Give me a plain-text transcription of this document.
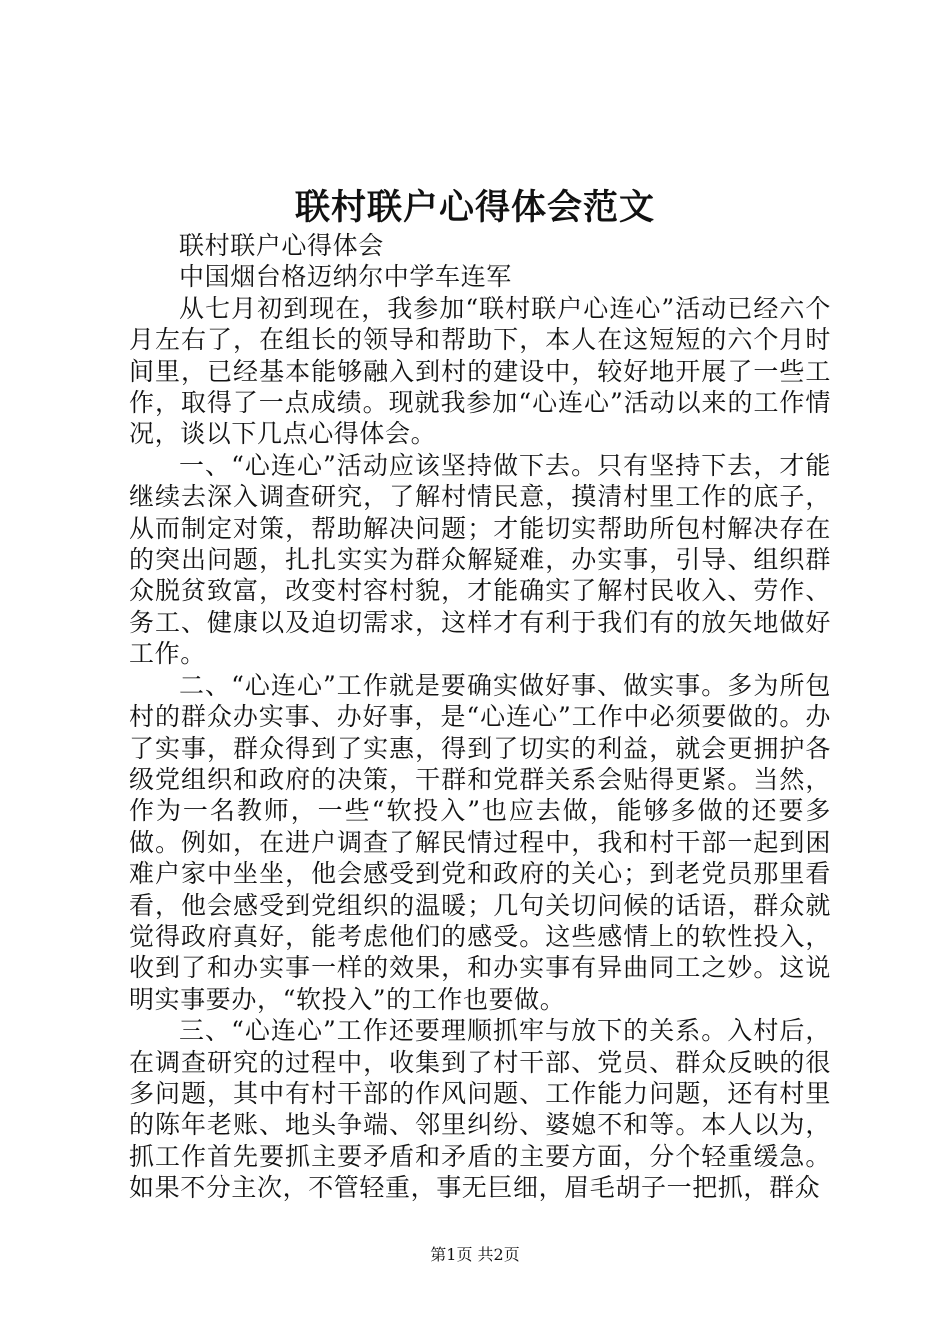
联村联户心得体会范文

联村联户心得体会

中国烟台格迈纳尔中学车连军

从七月初到现在，我参加“联村联户心连心”活动已经六个月左右了，在组长的领导和帮助下，本人在这短短的六个月时间里，已经基本能够融入到村的建设中，较好地开展了一些工作，取得了一点成绩。现就我参加“心连心”活动以来的工作情况，谈以下几点心得体会。

一、“心连心”活动应该坚持做下去。只有坚持下去，才能继续去深入调查研究，了解村情民意，摸清村里工作的底子，从而制定对策，帮助解决问题；才能切实帮助所包村解决存在的突出问题，扎扎实实为群众解疑难，办实事，引导、组织群众脱贫致富，改变村容村貌，才能确实了解村民收入、劳作、务工、健康以及迫切需求，这样才有利于我们有的放矢地做好工作。

二、“心连心”工作就是要确实做好事、做实事。多为所包村的群众办实事、办好事，是“心连心”工作中必须要做的。办了实事，群众得到了实惠，得到了切实的利益，就会更拥护各级党组织和政府的决策，干群和党群关系会贴得更紧。当然，作为一名教师，一些“软投入”也应去做，能够多做的还要多做。例如，在进户调查了解民情过程中，我和村干部一起到困难户家中坐坐，他会感受到党和政府的关心；到老党员那里看看，他会感受到党组织的温暖；几句关切问候的话语，群众就觉得政府真好，能考虑他们的感受。这些感情上的软性投入，收到了和办实事一样的效果，和办实事有异曲同工之妙。这说明实事要办，“软投入”的工作也要做。

三、“心连心”工作还要理顺抓牢与放下的关系。入村后，在调查研究的过程中，收集到了村干部、党员、群众反映的很多问题，其中有村干部的作风问题、工作能力问题，还有村里的陈年老账、地头争端、邻里纠纷、婆媳不和等。本人以为，抓工作首先要抓主要矛盾和矛盾的主要方面，分个轻重缓急。如果不分主次，不管轻重，事无巨细，眉毛胡子一把抓，群众

第1页 共2页
